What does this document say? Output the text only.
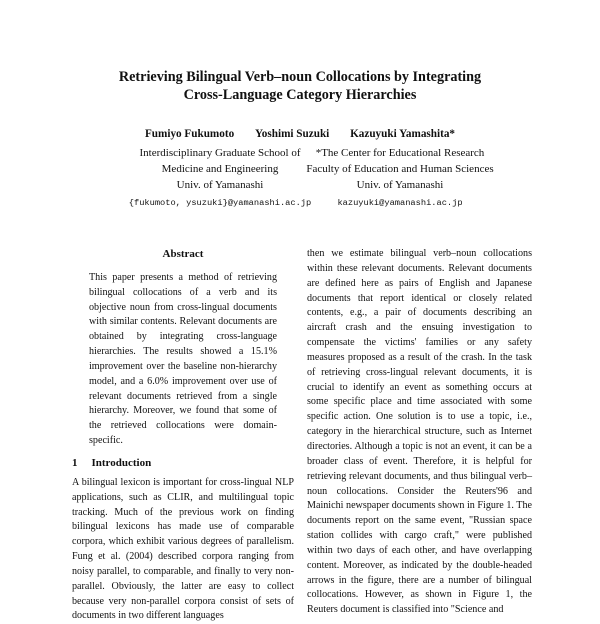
Retrieving Bilingual Verb–noun Collocations by Integrating
Cross-Language Category Hierarchies
Fumiyo Fukumoto Yoshimi Suzuki Kazuyuki Yamashita*
Interdisciplinary Graduate School of
Medicine and Engineering
Univ. of Yamanashi
{fukumoto, ysuzuki}@yamanashi.ac.jp
*The Center for Educational Research
Faculty of Education and Human Sciences
Univ. of Yamanashi
kazuyuki@yamanashi.ac.jp
Abstract

This paper presents a method of retrieving bilingual collocations of a verb and its objective noun from cross-lingual documents with similar contents. Relevant documents are obtained by integrating cross-language hierarchies. The results showed a 15.1% improvement over the baseline non-hierarchy model, and a 6.0% improvement over use of relevant documents retrieved from a single hierarchy. Moreover, we found that some of the retrieved collocations were domain-specific.

1 Introduction

A bilingual lexicon is important for cross-lingual NLP applications, such as CLIR, and multilingual topic tracking. Much of the previous work on finding bilingual lexicons has made use of comparable corpora, which exhibit various degrees of parallelism. Fung et al. (2004) described corpora ranging from noisy parallel, to comparable, and finally to very non-parallel. Obviously, the latter are easy to collect because very non-parallel corpora consist of sets of documents in two different languages

then we estimate bilingual verb–noun collocations within these relevant documents. Relevant documents are defined here as pairs of English and Japanese documents that report identical or closely related contents, e.g., a pair of documents describing an aircraft crash and the ensuing investigation to compensate the victims' families or any safety measures proposed as a result of the crash. In the task of retrieving cross-lingual relevant documents, it is crucial to identify an event as something occurs at some specific place and time associated with some specific action. One solution is to use a topic, i.e., category in the hierarchical structure, such as Internet directories. Although a topic is not an event, it can be a broader class of event. Therefore, it is helpful for retrieving relevant documents, and thus bilingual verb–noun collocations. Consider the Reuters'96 and Mainichi newspaper documents shown in Figure 1. The documents report on the same event, "Russian space station collides with cargo craft," were published within two days of each other, and have overlapping content. Moreover, as indicated by the double-headed arrows in the figure, there are a number of bilingual collocations. However, as shown in Figure 1, the Reuters document is classified into "Science and
